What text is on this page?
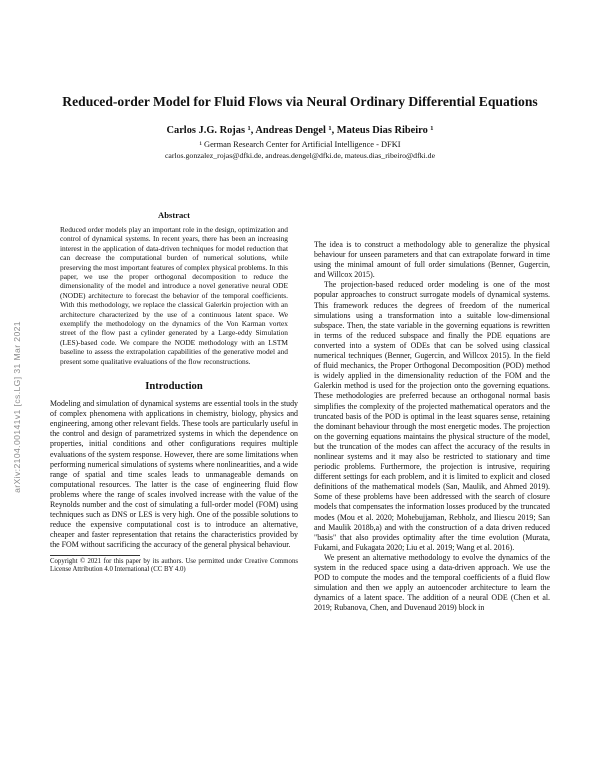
arXiv:2104.00141v1 [cs.LG] 31 Mar 2021
Reduced-order Model for Fluid Flows via Neural Ordinary Differential Equations
Carlos J.G. Rojas ¹, Andreas Dengel ¹, Mateus Dias Ribeiro ¹
¹ German Research Center for Artificial Intelligence - DFKI
carlos.gonzalez_rojas@dfki.de, andreas.dengel@dfki.de, mateus.dias_ribeiro@dfki.de
Abstract

Reduced order models play an important role in the design, optimization and control of dynamical systems. In recent years, there has been an increasing interest in the application of data-driven techniques for model reduction that can decrease the computational burden of numerical solutions, while preserving the most important features of complex physical problems. In this paper, we use the proper orthogonal decomposition to reduce the dimensionality of the model and introduce a novel generative neural ODE (NODE) architecture to forecast the behavior of the temporal coefficients. With this methodology, we replace the classical Galerkin projection with an architecture characterized by the use of a continuous latent space. We exemplify the methodology on the dynamics of the Von Karman vortex street of the flow past a cylinder generated by a Large-eddy Simulation (LES)-based code. We compare the NODE methodology with an LSTM baseline to assess the extrapolation capabilities of the generative model and present some qualitative evaluations of the flow reconstructions.

Introduction

Modeling and simulation of dynamical systems are essential tools in the study of complex phenomena with applications in chemistry, biology, physics and engineering, among other relevant fields. These tools are particularly useful in the control and design of parametrized systems in which the dependence on properties, initial conditions and other configurations requires multiple evaluations of the system response. However, there are some limitations when performing numerical simulations of systems where nonlinearities, and a wide range of spatial and time scales leads to unmanageable demands on computational resources. The latter is the case of engineering fluid flow problems where the range of scales involved increase with the value of the Reynolds number and the cost of simulating a full-order model (FOM) using techniques such as DNS or LES is very high. One of the possible solutions to reduce the expensive computational cost is to introduce an alternative, cheaper and faster representation that retains the characteristics provided by the FOM without sacrificing the accuracy of the general physical behaviour.

Copyright © 2021 for this paper by its authors. Use permitted under Creative Commons License Attribution 4.0 International (CC BY 4.0)

The idea is to construct a methodology able to generalize the physical behaviour for unseen parameters and that can extrapolate forward in time using the minimal amount of full order simulations (Benner, Gugercin, and Willcox 2015).

The projection-based reduced order modeling is one of the most popular approaches to construct surrogate models of dynamical systems. This framework reduces the degrees of freedom of the numerical simulations using a transformation into a suitable low-dimensional subspace. Then, the state variable in the governing equations is rewritten in terms of the reduced subspace and finally the PDE equations are converted into a system of ODEs that can be solved using classical numerical techniques (Benner, Gugercin, and Willcox 2015). In the field of fluid mechanics, the Proper Orthogonal Decomposition (POD) method is widely applied in the dimensionality reduction of the FOM and the Galerkin method is used for the projection onto the governing equations. These methodologies are preferred because an orthogonal normal basis simplifies the complexity of the projected mathematical operators and the truncated basis of the POD is optimal in the least squares sense, retaining the dominant behaviour through the most energetic modes. The projection on the governing equations maintains the physical structure of the model, but the truncation of the modes can affect the accuracy of the results in nonlinear systems and it may also be restricted to stationary and time periodic problems. Furthermore, the projection is intrusive, requiring different settings for each problem, and it is limited to explicit and closed definitions of the mathematical models (San, Maulik, and Ahmed 2019). Some of these problems have been addressed with the search of closure models that compensates the information losses produced by the truncated modes (Mou et al. 2020; Mohebujjaman, Rebholz, and Iliescu 2019; San and Maulik 2018b,a) and with the construction of a data driven reduced "basis" that also provides optimality after the time evolution (Murata, Fukami, and Fukagata 2020; Liu et al. 2019; Wang et al. 2016).

We present an alternative methodology to evolve the dynamics of the system in the reduced space using a data-driven approach. We use the POD to compute the modes and the temporal coefficients of a fluid flow simulation and then we apply an autoencoder architecture to learn the dynamics of a latent space. The addition of a neural ODE (Chen et al. 2019; Rubanova, Chen, and Duvenaud 2019) block in
